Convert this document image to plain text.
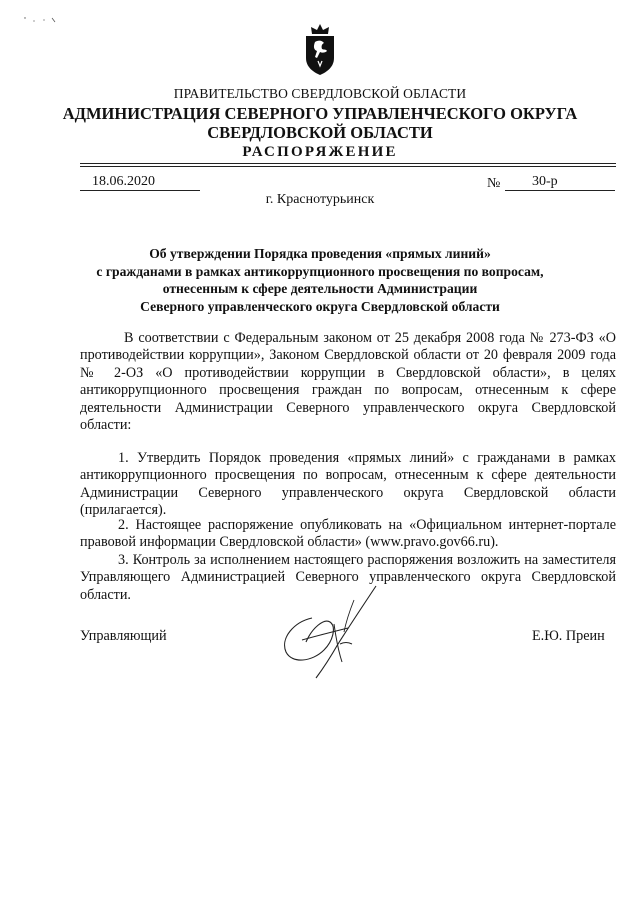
ПРАВИТЕЛЬСТВО СВЕРДЛОВСКОЙ ОБЛАСТИ
АДМИНИСТРАЦИЯ СЕВЕРНОГО УПРАВЛЕНЧЕСКОГО ОКРУГА
СВЕРДЛОВСКОЙ ОБЛАСТИ
РАСПОРЯЖЕНИЕ
18.06.2020	№ 30-р
г. Краснотурьинск
Об утверждении Порядка проведения «прямых линий»
с гражданами в рамках антикоррупционного просвещения по вопросам,
отнесенным к сфере деятельности Администрации
Северного управленческого округа Свердловской области
В соответствии с Федеральным законом от 25 декабря 2008 года № 273-ФЗ «О противодействии коррупции», Законом Свердловской области от 20 февраля 2009 года № 2-ОЗ «О противодействии коррупции в Свердловской области», в целях антикоррупционного просвещения граждан по вопросам, отнесенным к сфере деятельности Администрации Северного управленческого округа Свердловской области:
1. Утвердить Порядок проведения «прямых линий» с гражданами в рамках антикоррупционного просвещения по вопросам, отнесенным к сфере деятельности Администрации Северного управленческого округа Свердловской области (прилагается).
2. Настоящее распоряжение опубликовать на «Официальном интернет-портале правовой информации Свердловской области» (www.pravo.gov66.ru).
3. Контроль за исполнением настоящего распоряжения возложить на заместителя Управляющего Администрацией Северного управленческого округа Свердловской области.
Управляющий	Е.Ю. Преин
